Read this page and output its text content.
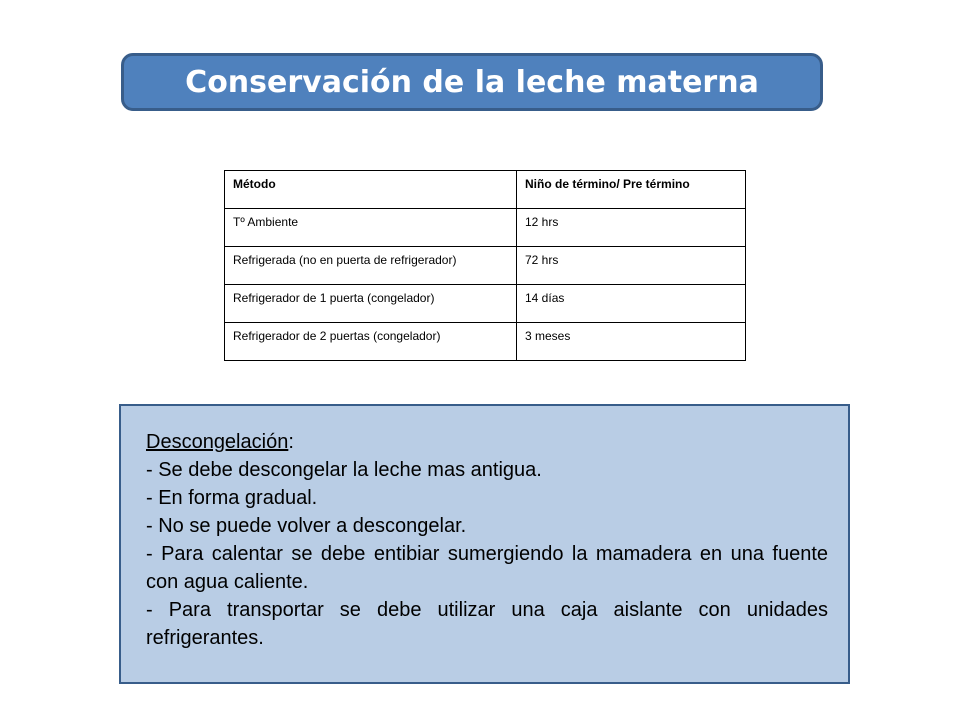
Conservación de la leche materna
Método	Niño de término/ Pre término
Tº Ambiente	12 hrs
Refrigerada (no en puerta de refrigerador)	72 hrs
Refrigerador de 1 puerta (congelador)	14 días
Refrigerador de 2 puertas (congelador)	3 meses

Descongelación:

- Se debe descongelar la leche mas antigua.

- En forma gradual.

- No se puede volver a descongelar.

- Para calentar se debe entibiar sumergiendo la mamadera en una fuente con agua caliente.

- Para transportar se debe utilizar una caja aislante con unidades refrigerantes.
